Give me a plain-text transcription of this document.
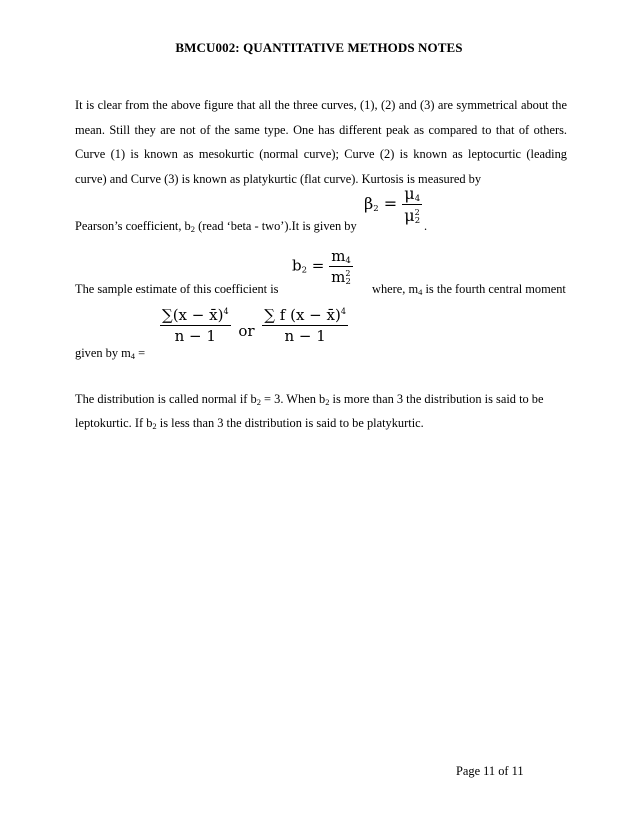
BMCU002: QUANTITATIVE METHODS NOTES
It is clear from the above figure that all the three curves, (1), (2) and (3) are symmetrical about the mean. Still they are not of the same type. One has different peak as compared to that of others. Curve (1) is known as mesokurtic (normal curve); Curve (2) is known as leptocurtic (leading curve) and Curve (3) is known as platykurtic (flat curve). Kurtosis is measured by
$\beta_2 = \frac{\mu_4}{\mu^2_2}$
Pearson’s coefficient, $b_2$ (read ‘beta - two’).It is given by	.
$b_2 = \frac{m_4}{m^2_2}$
The sample estimate of this coefficient is	where, $m_4$ is the fourth central moment
$\frac{\sum(x - x̄)^4}{n - 1}$ or $\frac{\sum f (x - x̄)^4}{n - 1}$
given by $m_4$ =
The distribution is called normal if $b_2 = 3$. When $b_2$ is more than 3 the distribution is said to be
leptokurtic. If $b_2$ is less than 3 the distribution is said to be platykurtic.
Page 11 of 11
